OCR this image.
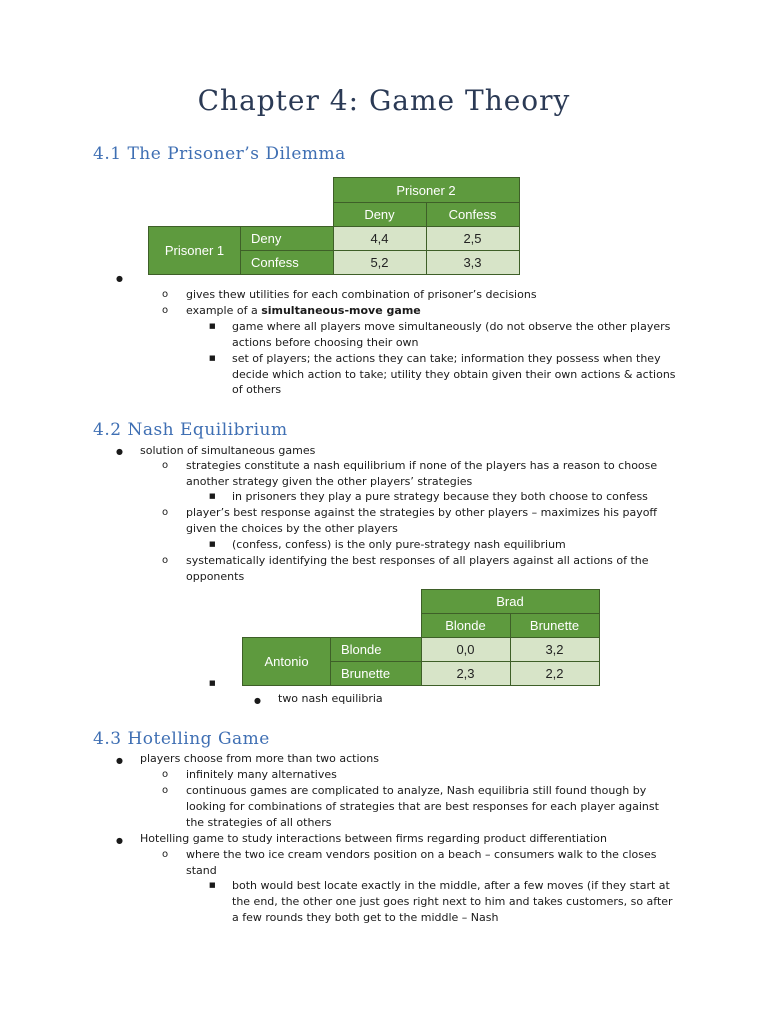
Chapter 4: Game Theory
4.1 The Prisoner’s Dilemma
		Prisoner 2	
		Deny	Confess
Prisoner 1	Deny	4,4	2,5
	Confess	5,2	3,3
●
o gives thew utilities for each combination of prisoner’s decisions
o example of a simultaneous-move game
■ game where all players move simultaneously (do not observe the other players
actions before choosing their own
■ set of players; the actions they can take; information they possess when they
decide which action to take; utility they obtain given their own actions & actions
of others
4.2 Nash Equilibrium
● solution of simultaneous games
o strategies constitute a nash equilibrium if none of the players has a reason to choose
another strategy given the other players’ strategies
■ in prisoners they play a pure strategy because they both choose to confess
o player’s best response against the strategies by other players – maximizes his payoff
given the choices by the other players
■ (confess, confess) is the only pure-strategy nash equilibrium
o systematically identifying the best responses of all players against all actions of the
opponents
		Brad	
		Blonde	Brunette
Antonio	Blonde	0,0	3,2
	Brunette	2,3	2,2
■
● two nash equilibria
4.3 Hotelling Game
● players choose from more than two actions
o infinitely many alternatives
o continuous games are complicated to analyze, Nash equilibria still found though by
looking for combinations of strategies that are best responses for each player against
the strategies of all others
● Hotelling game to study interactions between firms regarding product differentiation
o where the two ice cream vendors position on a beach – consumers walk to the closes
stand
■ both would best locate exactly in the middle, after a few moves (if they start at
the end, the other one just goes right next to him and takes customers, so after
a few rounds they both get to the middle – Nash
